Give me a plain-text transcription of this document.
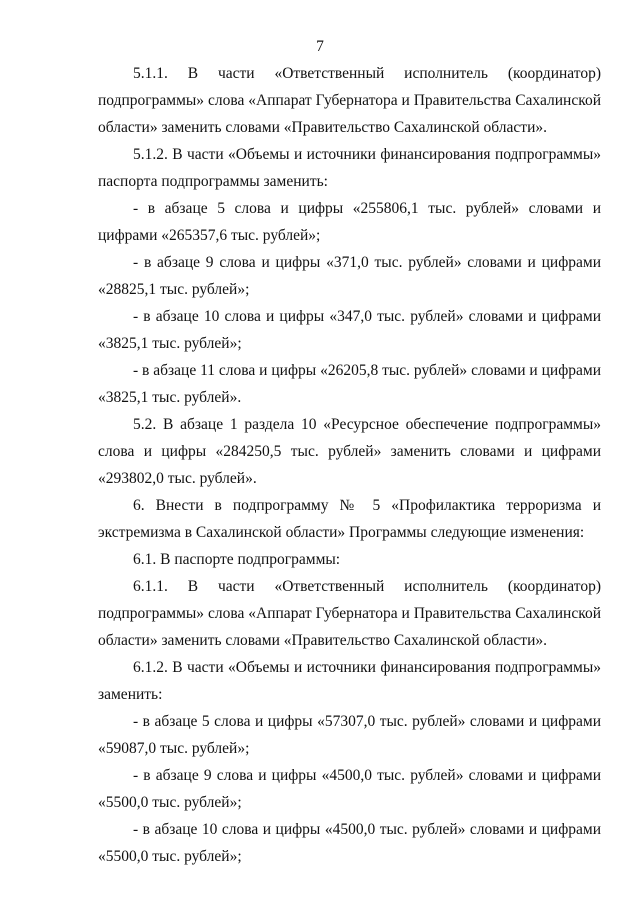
7

5.1.1. В части «Ответственный исполнитель (координатор) подпрограммы» слова «Аппарат Губернатора и Правительства Сахалинской области» заменить словами «Правительство Сахалинской области».

5.1.2. В части «Объемы и источники финансирования подпрограммы» паспорта подпрограммы заменить:

- в абзаце 5 слова и цифры «255806,1 тыс. рублей» словами и цифрами «265357,6 тыс. рублей»;

- в абзаце 9 слова и цифры «371,0 тыс. рублей» словами и цифрами «28825,1 тыс. рублей»;

- в абзаце 10 слова и цифры «347,0 тыс. рублей» словами и цифрами «3825,1 тыс. рублей»;

- в абзаце 11 слова и цифры «26205,8 тыс. рублей» словами и цифрами «3825,1 тыс. рублей».

5.2. В абзаце 1 раздела 10 «Ресурсное обеспечение подпрограммы» слова и цифры «284250,5 тыс. рублей» заменить словами и цифрами «293802,0 тыс. рублей».

6. Внести в подпрограмму № 5 «Профилактика терроризма и экстремизма в Сахалинской области» Программы следующие изменения:

6.1. В паспорте подпрограммы:

6.1.1. В части «Ответственный исполнитель (координатор) подпрограммы» слова «Аппарат Губернатора и Правительства Сахалинской области» заменить словами «Правительство Сахалинской области».

6.1.2. В части «Объемы и источники финансирования подпрограммы» заменить:

- в абзаце 5 слова и цифры «57307,0 тыс. рублей» словами и цифрами «59087,0 тыс. рублей»;

- в абзаце 9 слова и цифры «4500,0 тыс. рублей» словами и цифрами «5500,0 тыс. рублей»;

- в абзаце 10 слова и цифры «4500,0 тыс. рублей» словами и цифрами «5500,0 тыс. рублей»;
